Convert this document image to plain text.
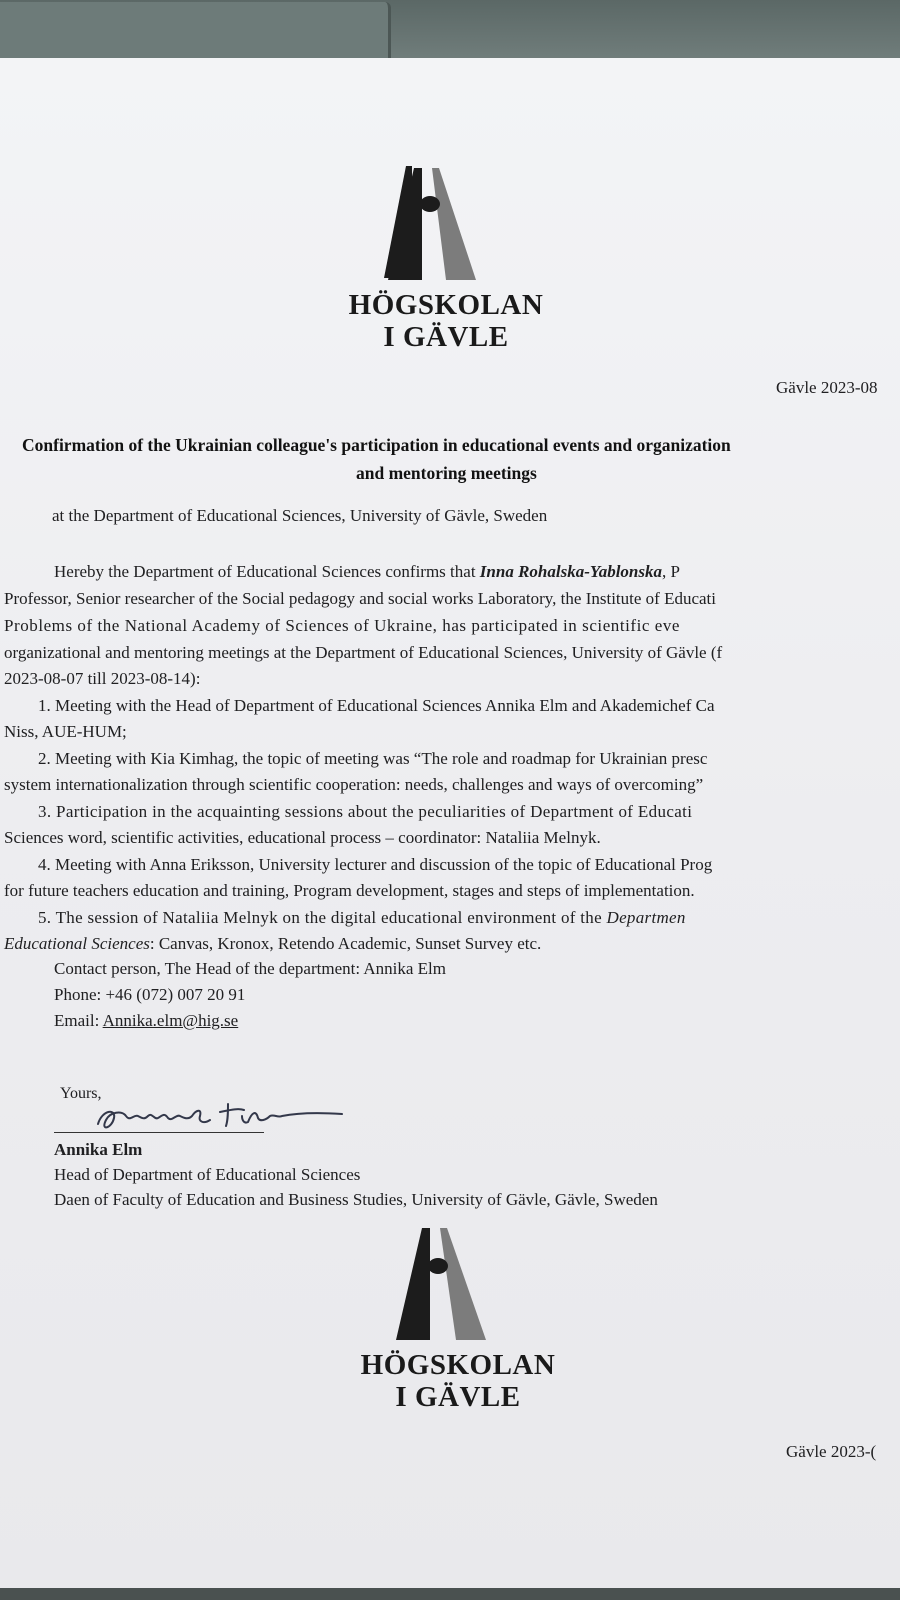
HÖGSKOLAN
I GÄVLE
Gävle 2023-08
Confirmation of the Ukrainian colleague's participation in educational events and organization
and mentoring meetings
at the Department of Educational Sciences, University of Gävle, Sweden
Hereby the Department of Educational Sciences confirms that Inna Rohalska-Yablonska, P
Professor, Senior researcher of the Social pedagogy and social works Laboratory, the Institute of Educati
Problems of the National Academy of Sciences of Ukraine, has participated in scientific eve
organizational and mentoring meetings at the Department of Educational Sciences, University of Gävle (f
2023-08-07 till 2023-08-14):
1. Meeting with the Head of Department of Educational Sciences Annika Elm and Akademichef Ca
Niss, AUE-HUM;
2. Meeting with Kia Kimhag, the topic of meeting was “The role and roadmap for Ukrainian presc
system internationalization through scientific cooperation: needs, challenges and ways of overcoming”
3. Participation in the acquainting sessions about the peculiarities of Department of Educati
Sciences word, scientific activities, educational process – coordinator: Nataliia Melnyk.
4. Meeting with Anna Eriksson, University lecturer and discussion of the topic of Educational Prog
for future teachers education and training, Program development, stages and steps of implementation.
5. The session of Nataliia Melnyk on the digital educational environment of the Departmen
Educational Sciences: Canvas, Kronox, Retendo Academic, Sunset Survey etc.
Contact person, The Head of the department: Annika Elm
Phone: +46 (072) 007 20 91
Email: Annika.elm@hig.se
Yours,
Annika Elm
Head of Department of Educational Sciences
Daen of Faculty of Education and Business Studies, University of Gävle, Gävle, Sweden
HÖGSKOLAN
I GÄVLE
Gävle 2023-(
